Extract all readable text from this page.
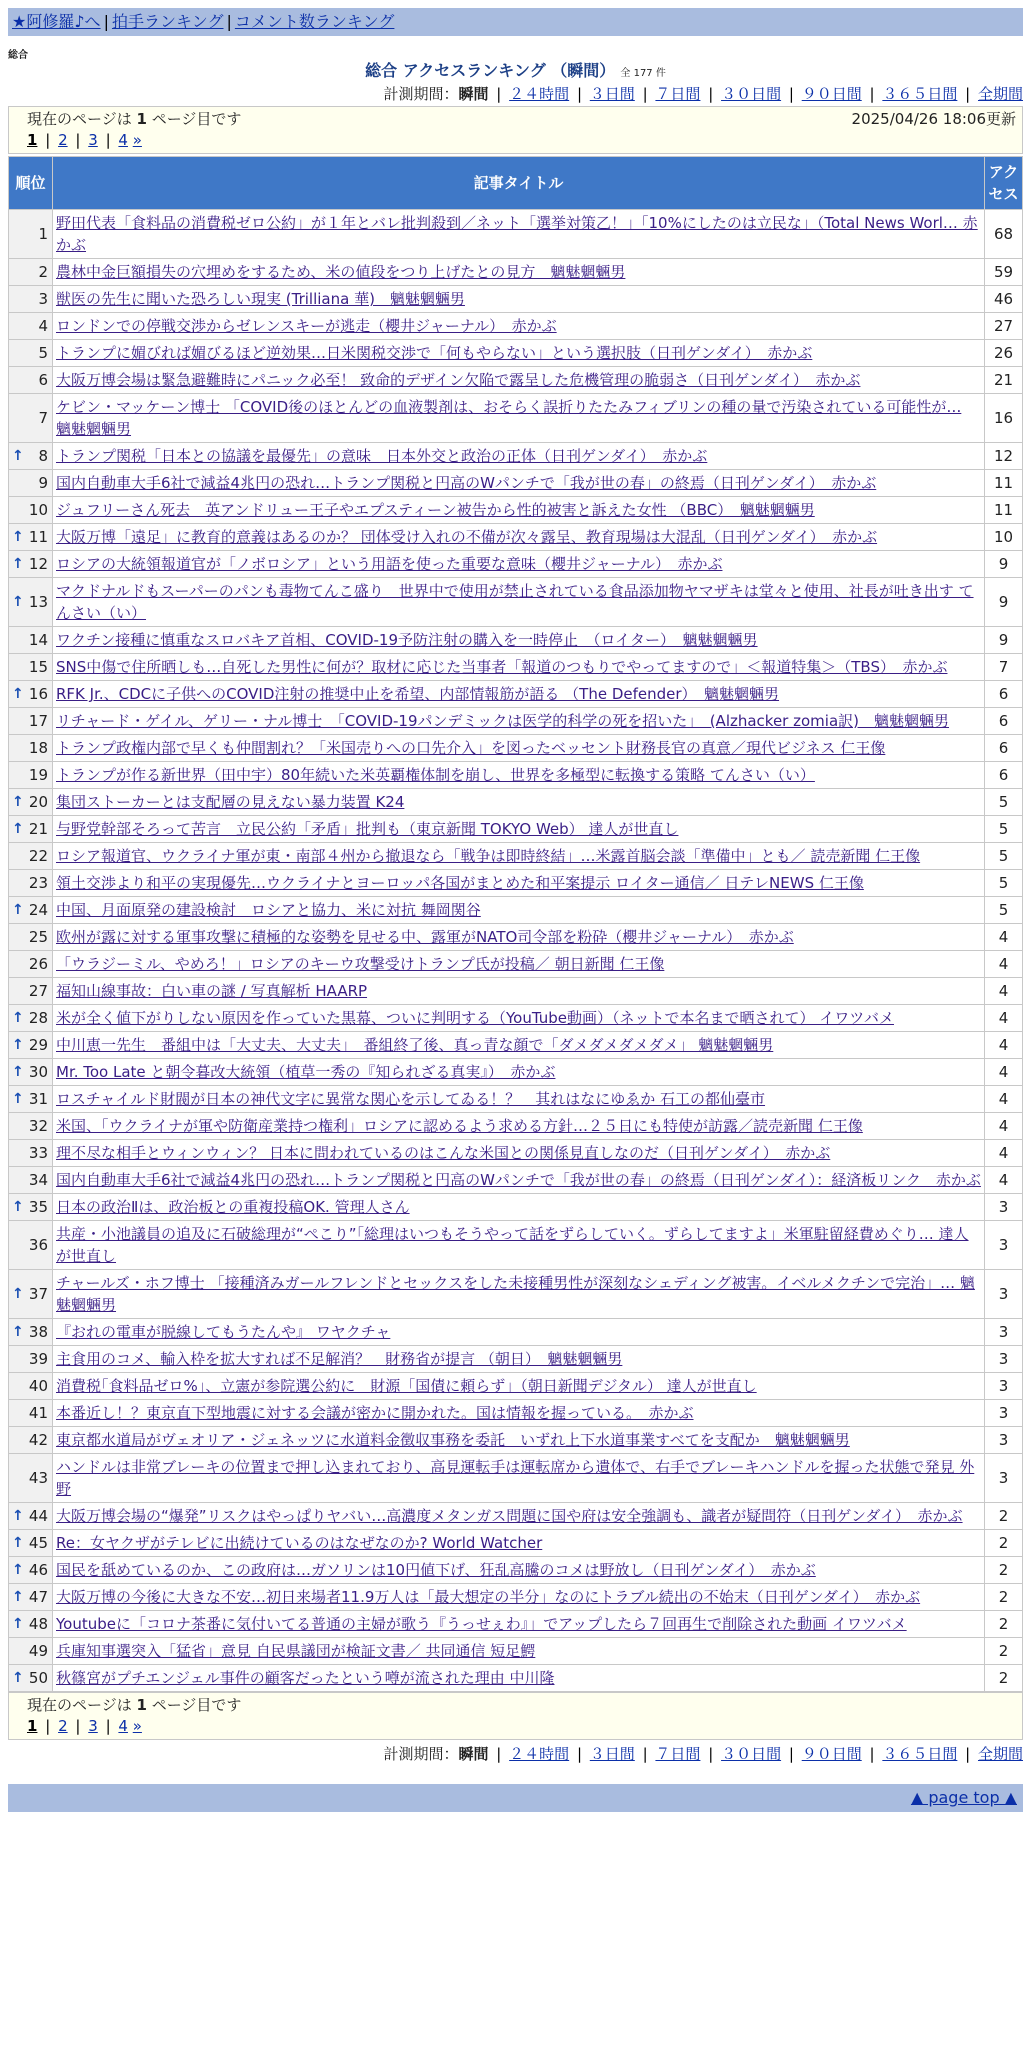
★阿修羅♪へ | 拍手ランキング | コメント数ランキング
総合
総合 アクセスランキング （瞬間） 全 177 件
計測期間：瞬間 | ２４時間 | ３日間 | ７日間 | ３０日間 | ９０日間 | ３６５日間 | 全期間
現在のページは 1 ページ目です	2025/04/26 18:06更新
1 | 2 | 3 | 4 »
順位	記事タイトル	アクセス
1	野田代表「食料品の消費税ゼロ公約」が１年とバレ批判殺到／ネット「選挙対策乙！」「10%にしたのは立民な」（Total News Worl… 赤かぶ	68
2	農林中金巨額損失の穴埋めをするため、米の値段をつり上げたとの見方　魑魅魍魎男	59
3	獣医の先生に聞いた恐ろしい現実 (Trilliana 華)　魑魅魍魎男	46
4	ロンドンでの停戦交渉からゼレンスキーが逃走（櫻井ジャーナル）　赤かぶ	27
5	トランプに媚びれば媚びるほど逆効果…日米関税交渉で「何もやらない」という選択肢（日刊ゲンダイ）　赤かぶ	26
6	大阪万博会場は緊急避難時にパニック必至！ 致命的デザイン欠陥で露呈した危機管理の脆弱さ（日刊ゲンダイ）　赤かぶ	21
7	ケビン・マッケーン博士 「COVID後のほとんどの血液製剤は、おそらく誤折りたたみフィブリンの種の量で汚染されている可能性が… 魑魅魍魎男	16

↑ 8	トランプ関税「日本との協議を最優先」の意味　日本外交と政治の正体（日刊ゲンダイ）　赤かぶ	12
9	国内自動車大手6社で減益4兆円の恐れ…トランプ関税と円高のWパンチで「我が世の春」の終焉（日刊ゲンダイ）　赤かぶ	11
10	ジュフリーさん死去　英アンドリュー王子やエプスティーン被告から性的被害と訴えた女性 （BBC）　魑魅魍魎男	11

↑ 11	大阪万博「遠足」に教育的意義はあるのか？ 団体受け入れの不備が次々露呈、教育現場は大混乱（日刊ゲンダイ）　赤かぶ	10

↑ 12	ロシアの大統領報道官が「ノボロシア」という用語を使った重要な意味（櫻井ジャーナル）　赤かぶ	9

↑ 13	マクドナルドもスーパーのパンも毒物てんこ盛り　世界中で使用が禁止されている食品添加物ヤマザキは堂々と使用、社長が吐き出す てんさい（い）	9
14	ワクチン接種に慎重なスロバキア首相、COVID-19予防注射の購入を一時停止　（ロイター）　魑魅魍魎男	9
15	SNS中傷で住所晒しも…自死した男性に何が？取材に応じた当事者「報道のつもりでやってますので」＜報道特集＞（TBS）　赤かぶ	7

↑ 16	RFK Jr.、CDCに子供へのCOVID注射の推奨中止を希望、内部情報筋が語る （The Defender）　魑魅魍魎男	6
17	リチャード・ゲイル、ゲリー・ナル博士　「COVID-19パンデミックは医学的科学の死を招いた」　(Alzhacker zomia訳)　魑魅魍魎男	6
18	トランプ政権内部で早くも仲間割れ？「米国売りへの口先介入」を図ったベッセント財務長官の真意／現代ビジネス 仁王像	6
19	トランプが作る新世界（田中宇）80年続いた米英覇権体制を崩し、世界を多極型に転換する策略 てんさい（い）	6

↑ 20	集団ストーカーとは支配層の見えない暴力装置 K24	5

↑ 21	与野党幹部そろって苦言　立民公約「矛盾」批判も（東京新聞 TOKYO Web） 達人が世直し	5
22	ロシア報道官、ウクライナ軍が東・南部４州から撤退なら「戦争は即時終結」…米露首脳会談「準備中」とも／ 読売新聞 仁王像	5
23	領土交渉より和平の実現優先…ウクライナとヨーロッパ各国がまとめた和平案提示 ロイター通信／ 日テレNEWS 仁王像	5

↑ 24	中国、月面原発の建設検討　ロシアと協力、米に対抗 舞岡関谷	5
25	欧州が露に対する軍事攻撃に積極的な姿勢を見せる中、露軍がNATO司令部を粉砕（櫻井ジャーナル）　赤かぶ	4
26	「ウラジーミル、やめろ！」ロシアのキーウ攻撃受けトランプ氏が投稿／ 朝日新聞 仁王像	4
27	福知山線事故：白い車の謎 / 写真解析 HAARP	4

↑ 28	米が全く値下がりしない原因を作っていた黒幕、ついに判明する（YouTube動画）（ネットで本名まで晒されて） イワツバメ	4

↑ 29	中川恵一先生　番組中は「大丈夫、大丈夫」　番組終了後、真っ青な顔で「ダメダメダメダメ」 魑魅魍魎男	4

↑ 30	Mr. Too Late と朝令暮改大統領（植草一秀の『知られざる真実』）　赤かぶ	4

↑ 31	ロスチャイルド財閥が日本の神代文字に異常な関心を示してゐる！？　其れはなにゆゑか 石工の都仙臺市	4
32	米国、「ウクライナが軍や防衛産業持つ権利」ロシアに認めるよう求める方針…２５日にも特使が訪露／読売新聞 仁王像	4
33	理不尽な相手とウィンウィン？ 日本に問われているのはこんな米国との関係見直しなのだ（日刊ゲンダイ）　赤かぶ	4
34	国内自動車大手6社で減益4兆円の恐れ…トランプ関税と円高のWパンチで「我が世の春」の終焉（日刊ゲンダイ）：経済板リンク　赤かぶ	4

↑ 35	日本の政治Ⅱは、政治板との重複投稿OK. 管理人さん	3
36	共産・小池議員の追及に石破総理が“ぺこり”「総理はいつもそうやって話をずらしていく。ずらしてますよ」米軍駐留経費めぐり… 達人が世直し	3

↑ 37	チャールズ・ホフ博士 「接種済みガールフレンドとセックスをした未接種男性が深刻なシェディング被害。イベルメクチンで完治」… 魑魅魍魎男	3

↑ 38	『おれの電車が脱線してもうたんや』 ワヤクチャ	3
39	主食用のコメ、輸入枠を拡大すれば不足解消？　財務省が提言 （朝日）　魑魅魍魎男	3
40	消費税｢食料品ゼロ%」、立憲が参院選公約に　財源「国債に頼らず」（朝日新聞デジタル） 達人が世直し	3
41	本番近し！？東京直下型地震に対する会議が密かに開かれた。国は情報を握っている。　赤かぶ	3
42	東京都水道局がヴェオリア・ジェネッツに水道料金徴収事務を委託　いずれ上下水道事業すべてを支配か　魑魅魍魎男	3
43	ハンドルは非常ブレーキの位置まで押し込まれており、高見運転手は運転席から遺体で、右手でブレーキハンドルを握った状態で発見 外野	3

↑ 44	大阪万博会場の“爆発”リスクはやっぱりヤバい…高濃度メタンガス問題に国や府は安全強調も、識者が疑問符（日刊ゲンダイ）　赤かぶ	2

↑ 45	Re：女ヤクザがテレビに出続けているのはなぜなのか? World Watcher	2

↑ 46	国民を舐めているのか、この政府は…ガソリンは10円値下げ、狂乱高騰のコメは野放し（日刊ゲンダイ）　赤かぶ	2

↑ 47	大阪万博の今後に大きな不安…初日来場者11.9万人は「最大想定の半分」なのにトラブル続出の不始末（日刊ゲンダイ）　赤かぶ	2

↑ 48	Youtubeに「コロナ茶番に気付いてる普通の主婦が歌う『うっせぇわ』」でアップしたら７回再生で削除された動画 イワツバメ	2
49	兵庫知事選突入「猛省」意見 自民県議団が検証文書／ 共同通信 短足鰐	2

↑ 50	秋篠宮がプチエンジェル事件の顧客だったという噂が流された理由 中川隆	2
現在のページは 1 ページ目です
1 | 2 | 3 | 4 »
計測期間：瞬間 | ２４時間 | ３日間 | ７日間 | ３０日間 | ９０日間 | ３６５日間 | 全期間
▲ page top ▲
